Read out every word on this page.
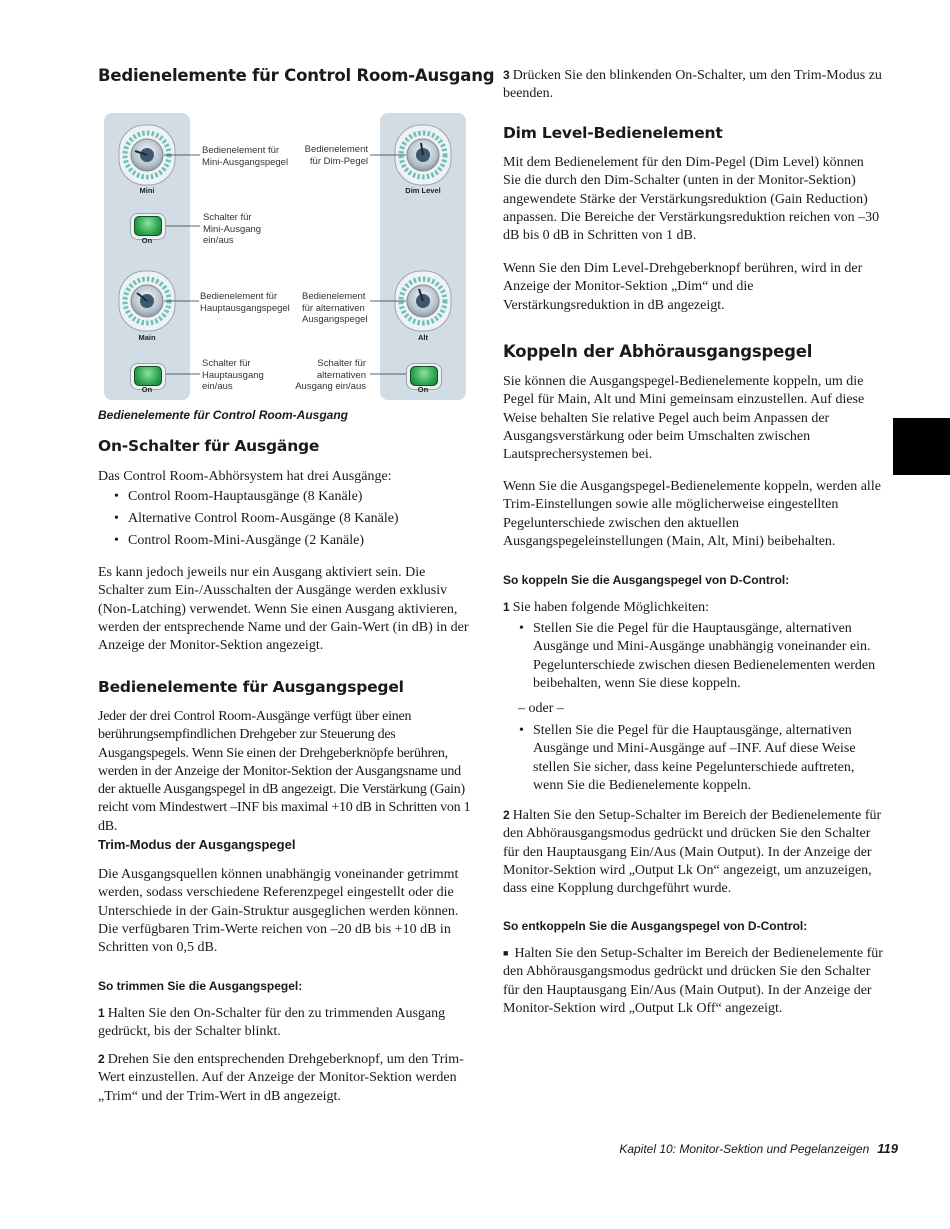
Bedienelemente für Control Room-Ausgang
Mini	Dim Level
Main	Alt
On
On	On
Bedienelement für
Mini-Ausgangspegel
Bedienelement
für Dim-Pegel
Schalter für
Mini-Ausgang
ein/aus
Bedienelement für
Hauptausgangspegel
Bedienelement
für alternativen
Ausgangspegel
Schalter für
Hauptausgang
ein/aus
Schalter für
alternativen
Ausgang ein/aus
Bedienelemente für Control Room-Ausgang
On-Schalter für Ausgänge

Das Control Room-Abhörsystem hat drei Ausgänge:

• Control Room-Hauptausgänge (8 Kanäle)
• Alternative Control Room-Ausgänge (8 Kanäle)
• Control Room-Mini-Ausgänge (2 Kanäle)

Es kann jedoch jeweils nur ein Ausgang aktiviert sein. Die Schalter zum Ein-/Ausschalten der Ausgänge werden exklusiv (Non-Latching) verwendet. Wenn Sie einen Ausgang aktivieren, werden der entsprechende Name und der Gain-Wert (in dB) in der Anzeige der Monitor-Sektion angezeigt.

Bedienelemente für Ausgangspegel

Jeder der drei Control Room-Ausgänge verfügt über einen berührungsempfindlichen Drehgeber zur Steuerung des Ausgangspegels. Wenn Sie einen der Drehgeberknöpfe berühren, werden in der Anzeige der Monitor-Sektion der Ausgangsname und der aktuelle Ausgangspegel in dB angezeigt. Die Verstärkung (Gain) reicht vom Mindestwert –INF bis maximal +10 dB in Schritten von 1 dB.

Trim-Modus der Ausgangspegel

Die Ausgangsquellen können unabhängig voneinander getrimmt werden, sodass verschiedene Referenzpegel eingestellt oder die Unterschiede in der Gain-Struktur ausgeglichen werden können. Die verfügbaren Trim-Werte reichen von –20 dB bis +10 dB in Schritten von 0,5 dB.

So trimmen Sie die Ausgangspegel:

1 Halten Sie den On-Schalter für den zu trimmenden Ausgang gedrückt, bis der Schalter blinkt.

2 Drehen Sie den entsprechenden Drehgeberknopf, um den Trim-Wert einzustellen. Auf der Anzeige der Monitor-Sektion werden „Trim“ und der Trim-Wert in dB angezeigt.

3 Drücken Sie den blinkenden On-Schalter, um den Trim-Modus zu beenden.

Dim Level-Bedienelement

Mit dem Bedienelement für den Dim-Pegel (Dim Level) können Sie die durch den Dim-Schalter (unten in der Monitor-Sektion) angewendete Stärke der Verstärkungsreduktion (Gain Reduction) anpassen. Die Bereiche der Verstärkungsreduktion reichen von –30 dB bis 0 dB in Schritten von 1 dB.

Wenn Sie den Dim Level-Drehgeberknopf berühren, wird in der Anzeige der Monitor-Sektion „Dim“ und die Verstärkungsreduktion in dB angezeigt.

Koppeln der Abhörausgangspegel

Sie können die Ausgangspegel-Bedienelemente koppeln, um die Pegel für Main, Alt und Mini gemeinsam einzustellen. Auf diese Weise behalten Sie relative Pegel auch beim Anpassen der Ausgangsverstärkung oder beim Umschalten zwischen Lautsprechersystemen bei.

Wenn Sie die Ausgangspegel-Bedienelemente koppeln, werden alle Trim-Einstellungen sowie alle möglicherweise eingestellten Pegelunterschiede zwischen den aktuellen Ausgangspegeleinstellungen (Main, Alt, Mini) beibehalten.

So koppeln Sie die Ausgangspegel von D-Control:

1 Sie haben folgende Möglichkeiten:

• Stellen Sie die Pegel für die Hauptausgänge, alternativen Ausgänge und Mini-Ausgänge unabhängig voneinander ein. Pegelunterschiede zwischen diesen Bedienelementen werden beibehalten, wenn Sie diese koppeln.

– oder –

• Stellen Sie die Pegel für die Hauptausgänge, alternativen Ausgänge und Mini-Ausgänge auf –INF. Auf diese Weise stellen Sie sicher, dass keine Pegelunterschiede auftreten, wenn Sie die Bedienelemente koppeln.

2 Halten Sie den Setup-Schalter im Bereich der Bedienelemente für den Abhörausgangsmodus gedrückt und drücken Sie den Schalter für den Hauptausgang Ein/Aus (Main Output). In der Anzeige der Monitor-Sektion wird „Output Lk On“ angezeigt, um anzuzeigen, dass eine Kopplung durchgeführt wurde.

So entkoppeln Sie die Ausgangspegel von D-Control:

■ Halten Sie den Setup-Schalter im Bereich der Bedienelemente für den Abhörausgangsmodus gedrückt und drücken Sie den Schalter für den Hauptausgang Ein/Aus (Main Output). In der Anzeige der Monitor-Sektion wird „Output Lk Off“ angezeigt.

Kapitel 10: Monitor-Sektion und Pegelanzeigen 119
